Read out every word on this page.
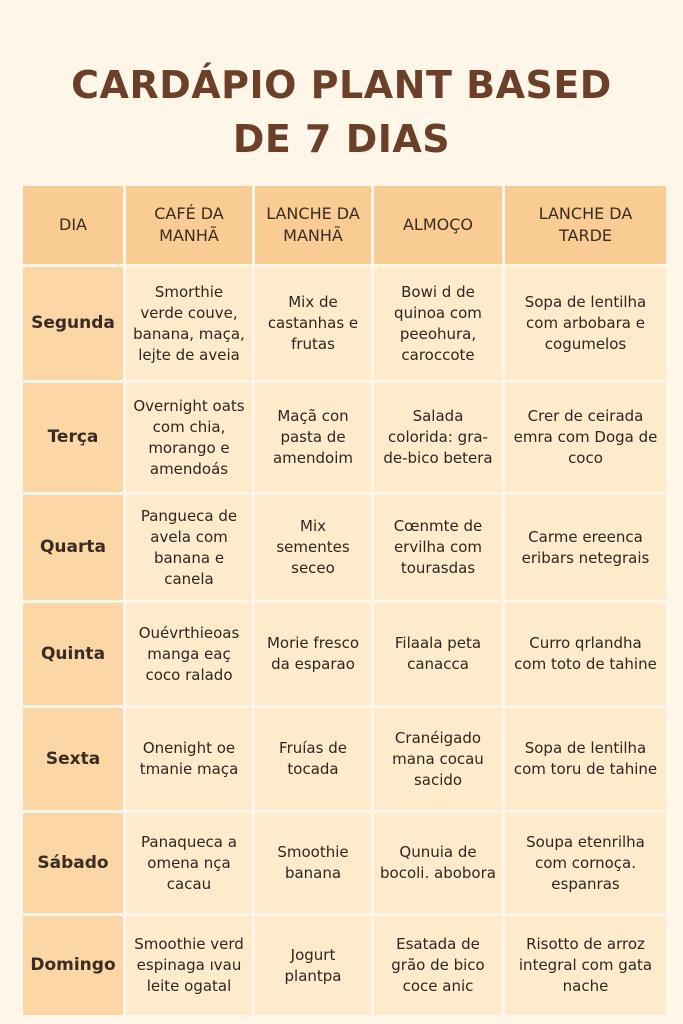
CARDÁPIO PLANT BASED
DE 7 DIAS
DIA	CAFÉ DA MANHÃ	LANCHE DA MANHÃ	ALMOÇO	LANCHE DA TARDE
Segunda	Smorthie verde couve, banana, maça, lejte de aveia	Mix de castanhas e frutas	Bowi d de quinoa com peeohura, caroccote	Sopa de lentilha com arbobara e cogumelos
Terça	Overnight oats com chia, morango e amendoás	Maçã con pasta de amendoim	Salada colorida: gra-de-bico betera	Crer de ceirada emra com Doga de coco
Quarta	Pangueca de avela com banana e canela	Mix sementes seceo	Cœnmte de ervilha com tourasdas	Carme ereenca eribars netegrais
Quinta	Ouévrthieoas manga eaç coco ralado	Morie fresco da esparao	Filaala peta canacca	Curro qrlandha com toto de tahine
Sexta	Onenight oe tmanie maça	Fruías de tocada	Cranéigado mana cocau sacido	Sopa de lentilha com toru de tahine
Sábado	Panaqueca a omena nça cacau	Smoothie banana	Qunuia de bocoli. abobora	Soupa etenrilha com cornoça. espanras
Domingo	Smoothie verd espinaga ıvau leite ogatal	Jogurt plantpa	Esatada de grão de bico coce anic	Risotto de arroz integral com gata nache
